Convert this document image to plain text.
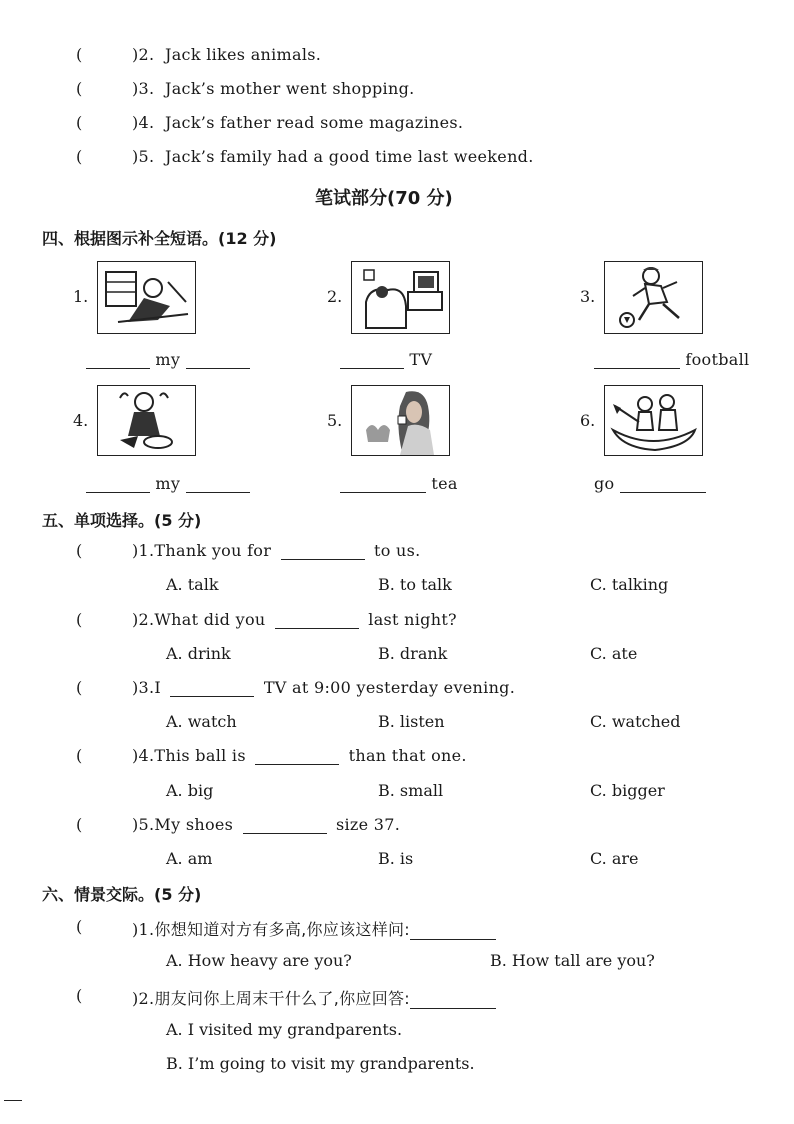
(	)2. Jack likes animals.
(	)3. Jack’s mother went shopping.
(	)4. Jack’s father read some magazines.
(	)5. Jack’s family had a good time last weekend.
笔试部分(70 分)
四、根据图示补全短语。(12 分)
1.
my
2.
TV
3.
football
4.
my
5.
tea
6.
go
五、单项选择。(5 分)
(	)1.Thank you for	to us.
A. talk	B. to talk	C. talking
(	)2.What did you	last night?
A. drink	B. drank	C. ate
(	)3.I	TV at 9:00 yesterday evening.
A. watch	B. listen	C. watched
(	)4.This ball is	than that one.
A. big	B. small	C. bigger
(	)5.My shoes	size 37.
A. am	B. is	C. are
六、情景交际。(5 分)
(	)1.你想知道对方有多高,你应该这样问:
A. How heavy are you?	B. How tall are you?
(	)2.朋友问你上周末干什么了,你应回答:
A. I visited my grandparents.
B. I’m going to visit my grandparents.
